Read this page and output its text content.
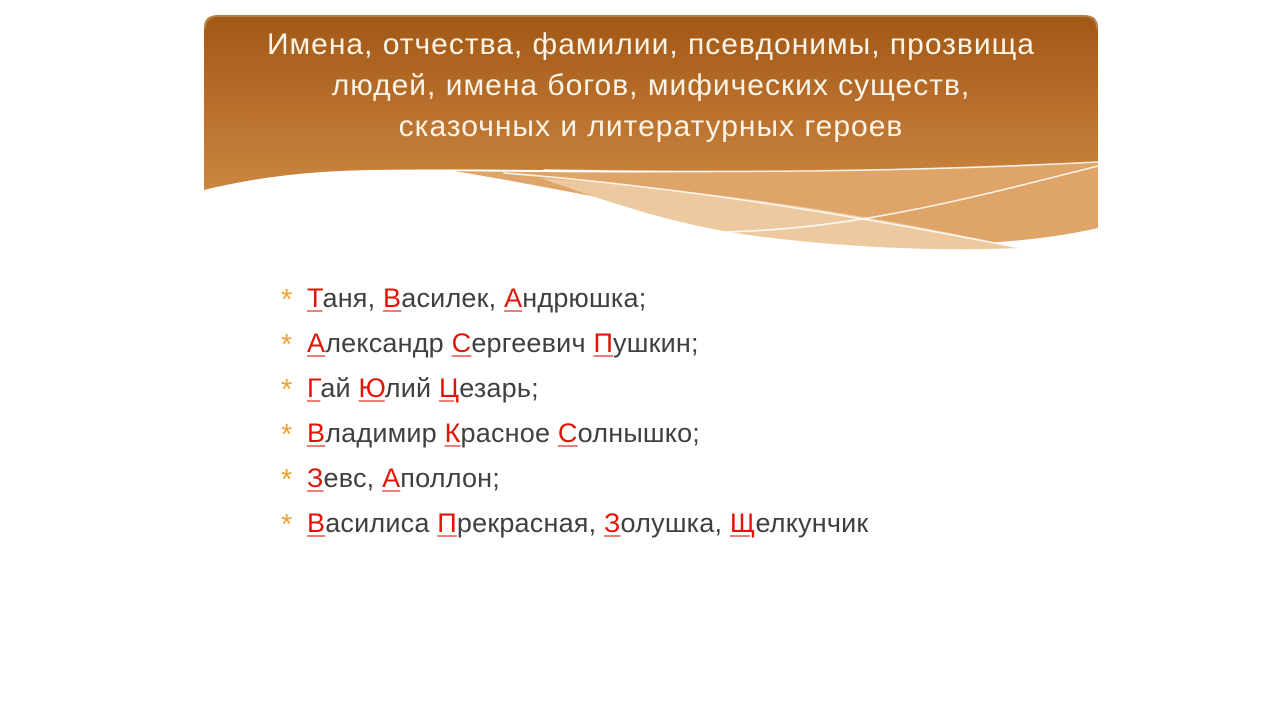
Имена, отчества, фамилии, псевдонимы, прозвища
людей, имена богов, мифических существ,
сказочных и литературных героев
* Таня, Василек, Андрюшка;
* Александр Сергеевич Пушкин;
* Гай Юлий Цезарь;
* Владимир Красное Солнышко;
* Зевс, Аполлон;
* Василиса Прекрасная, Золушка, Щелкунчик
